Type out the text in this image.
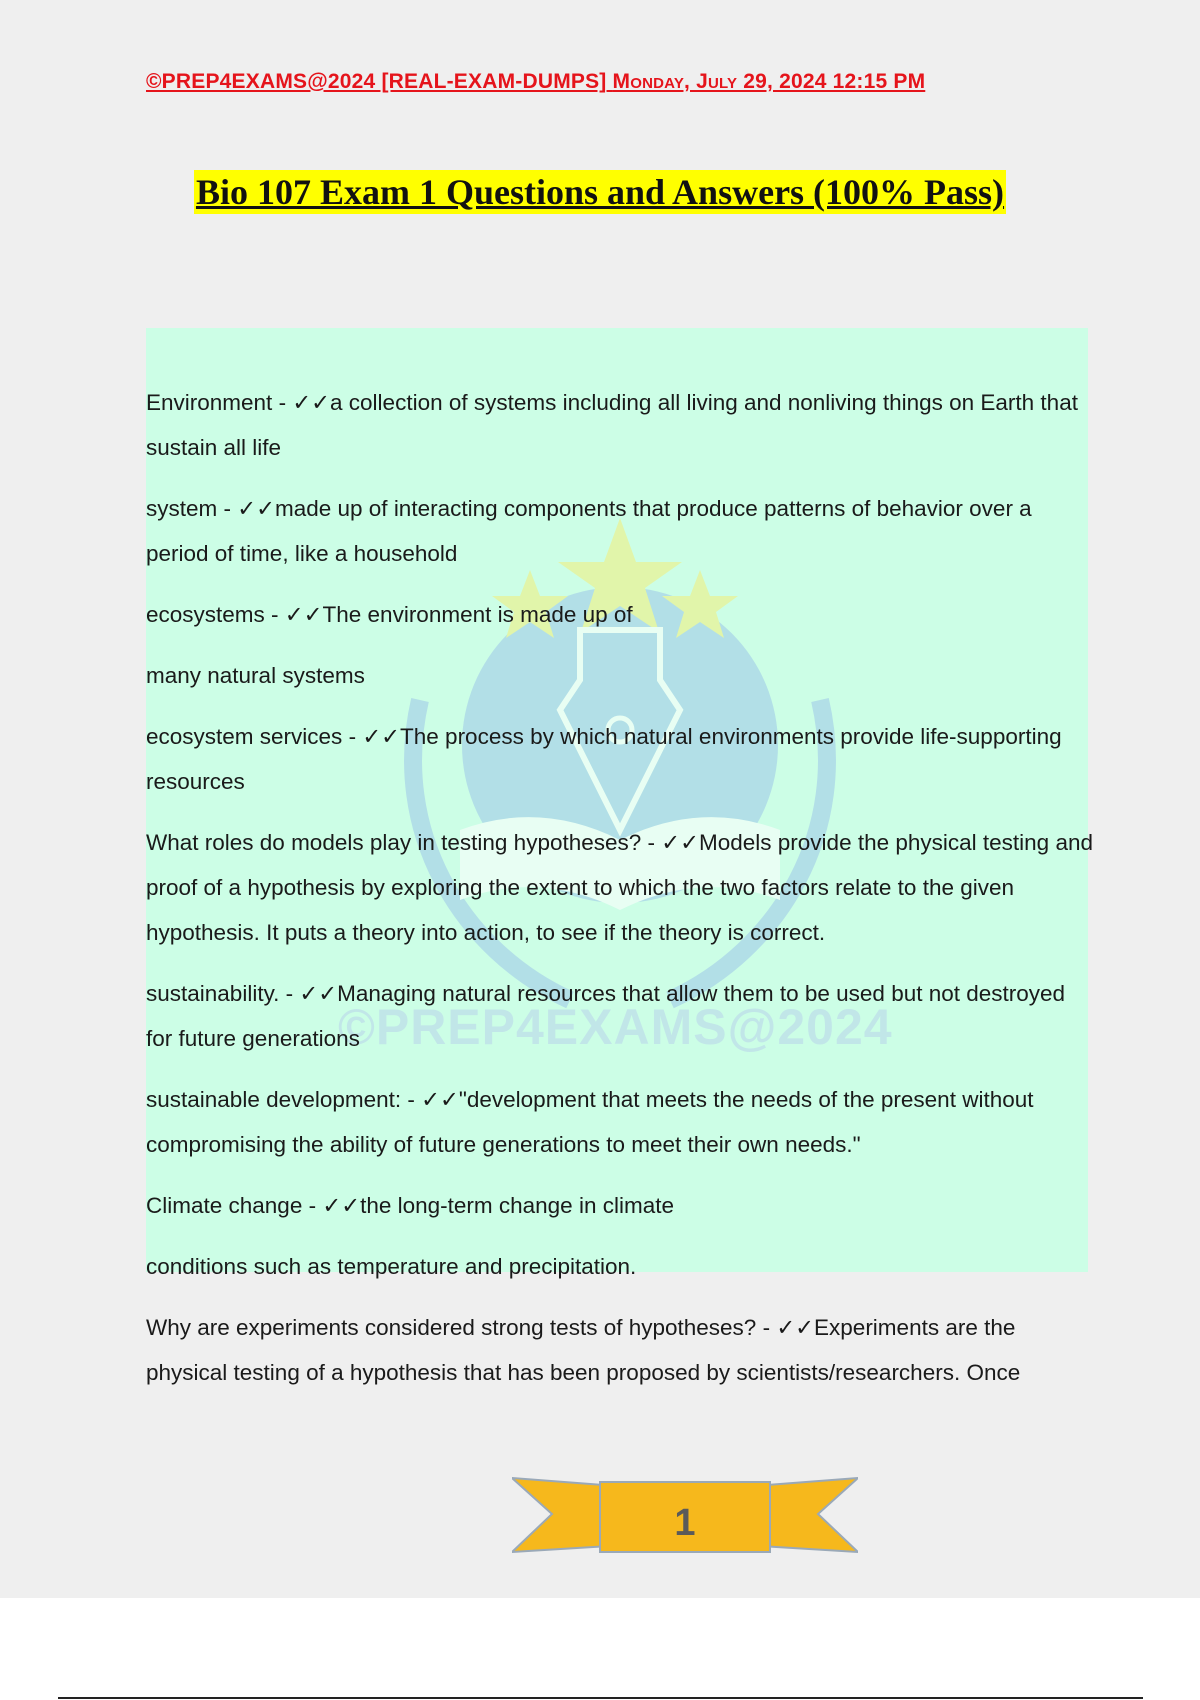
©PREP4EXAMS@2024 [REAL-EXAM-DUMPS] Monday, July 29, 2024 12:15 PM
Bio 107 Exam 1 Questions and Answers (100% Pass)
©PREP4EXAMS@2024
Environment - ✓✓a collection of systems including all living and nonliving things on Earth that sustain all life
system - ✓✓made up of interacting components that produce patterns of behavior over a period of time, like a household
ecosystems - ✓✓The environment is made up of
many natural systems
ecosystem services - ✓✓The process by which natural environments provide life-supporting resources
What roles do models play in testing hypotheses? - ✓✓Models provide the physical testing and proof of a hypothesis by exploring the extent to which the two factors relate to the given hypothesis. It puts a theory into action, to see if the theory is correct.
sustainability. - ✓✓Managing natural resources that allow them to be used but not destroyed for future generations
sustainable development: - ✓✓"development that meets the needs of the present without compromising the ability of future generations to meet their own needs."
Climate change - ✓✓the long-term change in climate
conditions such as temperature and precipitation.
Why are experiments considered strong tests of hypotheses? - ✓✓Experiments are the physical testing of a hypothesis that has been proposed by scientists/researchers. Once
1
